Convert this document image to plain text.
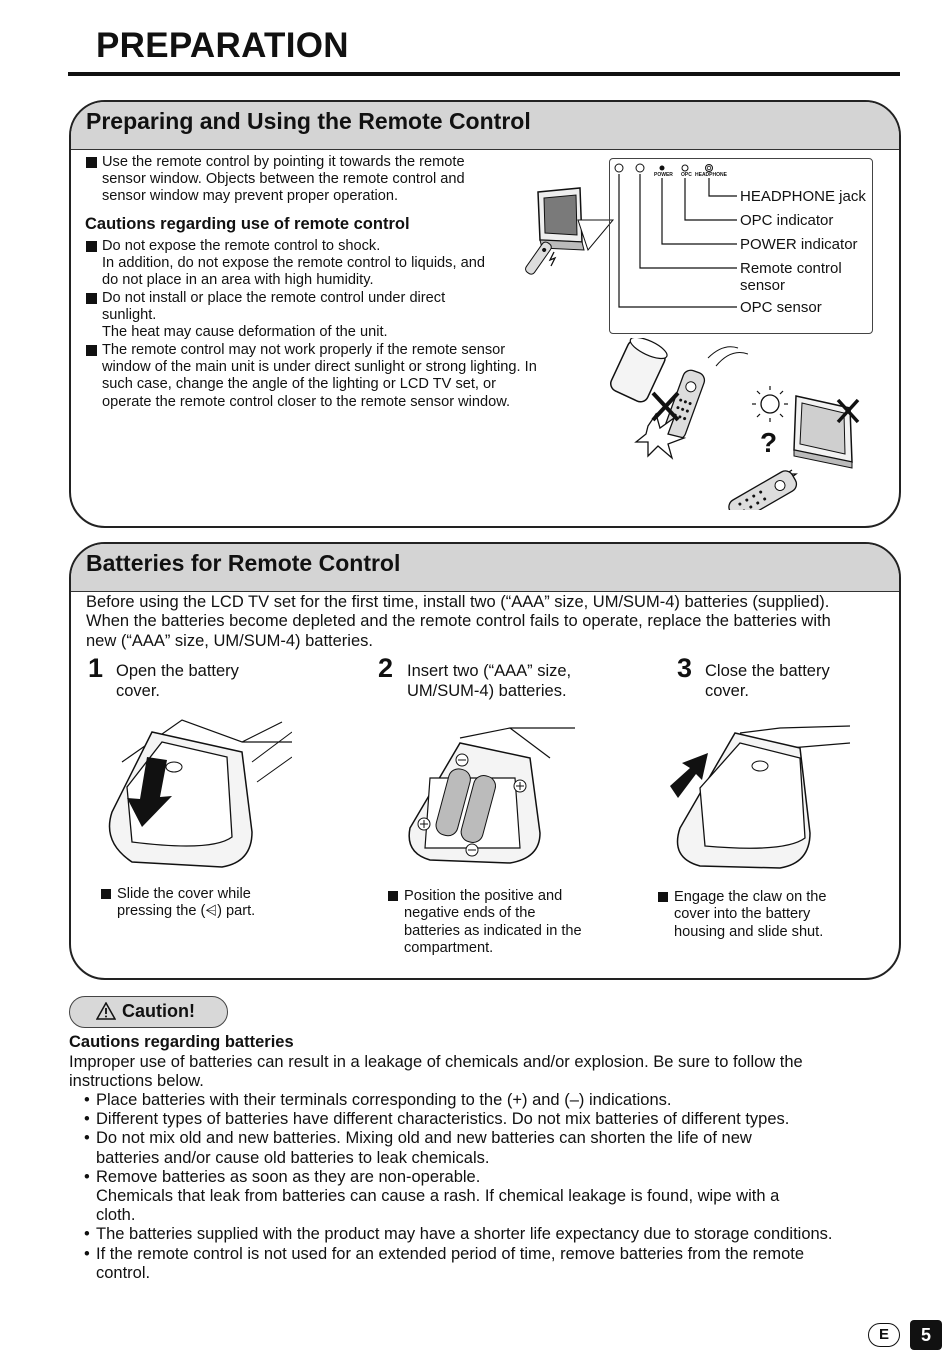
PREPARATION
Preparing and Using the Remote Control
Use the remote control by pointing it towards the remote
sensor window. Objects between the remote control and
sensor window may prevent proper operation.
Cautions regarding use of remote control
Do not expose the remote control to shock.
In addition, do not expose the remote control to liquids, and
do not place in an area with high humidity.
Do not install or place the remote control under direct
sunlight.
The heat may cause deformation of the unit.
The remote control may not work properly if the remote sensor
window of the main unit is under direct sunlight or strong lighting. In
such case, change the angle of the lighting or LCD TV set, or
operate the remote control closer to the remote sensor window.
POWER OPC HEADPHONE
HEADPHONE jack
OPC indicator
POWER indicator
Remote control
sensor
OPC sensor
?
Batteries for Remote Control
Before using the LCD TV set for the first time, install two (“AAA” size, UM/SUM-4) batteries (supplied).
When the batteries become depleted and the remote control fails to operate, replace the batteries with
new (“AAA” size, UM/SUM-4) batteries.
1 Open the battery
cover.
Slide the cover while
pressing the (⩤) part.
2 Insert two (“AAA” size,
UM/SUM-4) batteries.
Position the positive and
negative ends of the
batteries as indicated in the
compartment.
3 Close the battery
cover.
Engage the claw on the
cover into the battery
housing and slide shut.
Caution!
Cautions regarding batteries
Improper use of batteries can result in a leakage of chemicals and/or explosion. Be sure to follow the
instructions below.
• Place batteries with their terminals corresponding to the (+) and (–) indications.
• Different types of batteries have different characteristics. Do not mix batteries of different types.
• Do not mix old and new batteries. Mixing old and new batteries can shorten the life of new
batteries and/or cause old batteries to leak chemicals.
• Remove batteries as soon as they are non-operable.
Chemicals that leak from batteries can cause a rash. If chemical leakage is found, wipe with a
cloth.
• The batteries supplied with the product may have a shorter life expectancy due to storage conditions.
• If the remote control is not used for an extended period of time, remove batteries from the remote
control.
E	5
